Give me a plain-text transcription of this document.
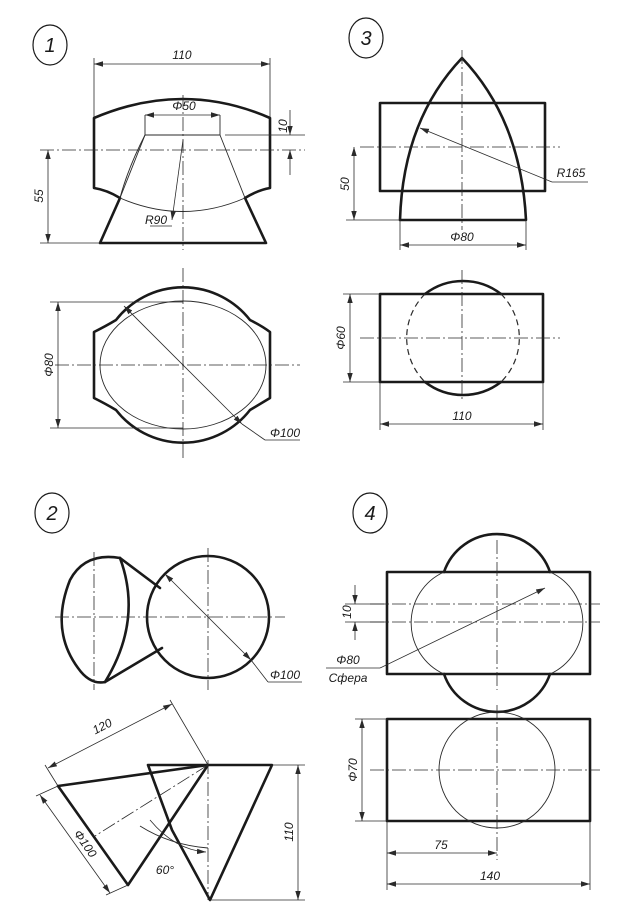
1	110
Φ50
10
55
R90
Φ80
Φ100
3
50
R165
Φ80
Φ60
110
2
Φ100
120
Φ100	110
60°
4
10
Φ80
Сфера
Φ70
75
140
